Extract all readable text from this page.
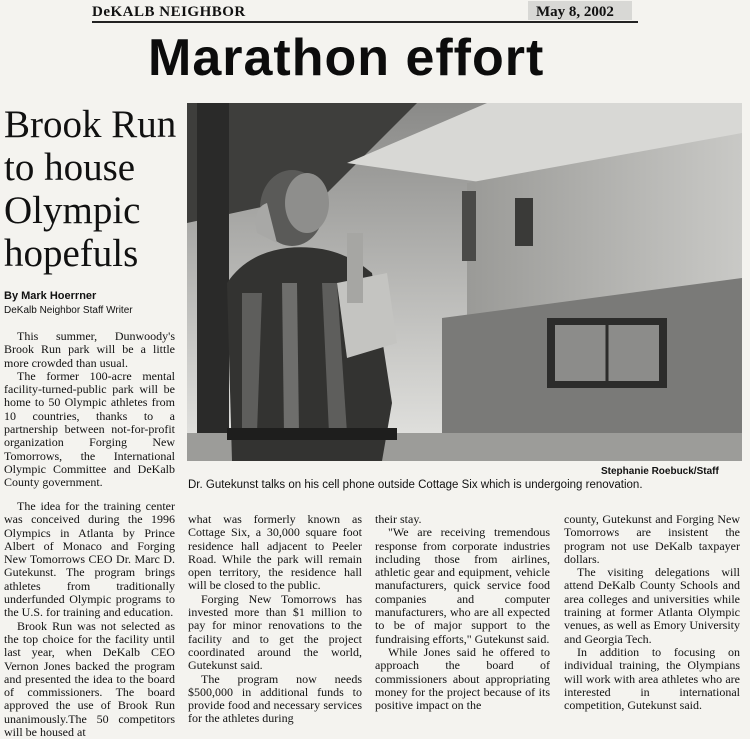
DeKALB NEIGHBOR	May 8, 2002
Marathon effort
Brook Run to house Olympic hopefuls
By Mark Hoerrner
DeKalb Neighbor Staff Writer
Stephanie Roebuck/Staff
Dr. Gutekunst talks on his cell phone outside Cottage Six which is undergoing renovation.

This summer, Dunwoody's Brook Run park will be a little more crowded than usual.

The former 100-acre mental facility-turned-public park will be home to 50 Olympic athletes from 10 countries, thanks to a partnership between not-for-profit organization Forging New Tomorrows, the International Olympic Committee and DeKalb County government.

The idea for the training center was conceived during the 1996 Olympics in Atlanta by Prince Albert of Monaco and Forging New Tomorrows CEO Dr. Marc D. Gutekunst. The program brings athletes from traditionally underfunded Olympic programs to the U.S. for training and education.

Brook Run was not selected as the top choice for the facility until last year, when DeKalb CEO Vernon Jones backed the program and presented the idea to the board of commissioners. The board approved the use of Brook Run unanimously.The 50 competitors will be housed at

what was formerly known as Cottage Six, a 30,000 square foot residence hall adjacent to Peeler Road. While the park will remain open territory, the residence hall will be closed to the public.

Forging New Tomorrows has invested more than $1 million to pay for minor renovations to the facility and to get the project coordinated around the world, Gutekunst said.

The program now needs $500,000 in additional funds to provide food and necessary services for the athletes during

their stay.

"We are receiving tremendous response from corporate industries including those from airlines, athletic gear and equipment, vehicle manufacturers, quick service food companies and computer manufacturers, who are all expected to be of major support to the fundraising efforts," Gutekunst said.

While Jones said he offered to approach the board of commissioners about appropriating money for the project because of its positive impact on the

county, Gutekunst and Forging New Tomorrows are insistent the program not use DeKalb taxpayer dollars.

The visiting delegations will attend DeKalb County Schools and area colleges and universities while training at former Atlanta Olympic venues, as well as Emory University and Georgia Tech.

In addition to focusing on individual training, the Olympians will work with area athletes who are interested in international competition, Gutekunst said.
